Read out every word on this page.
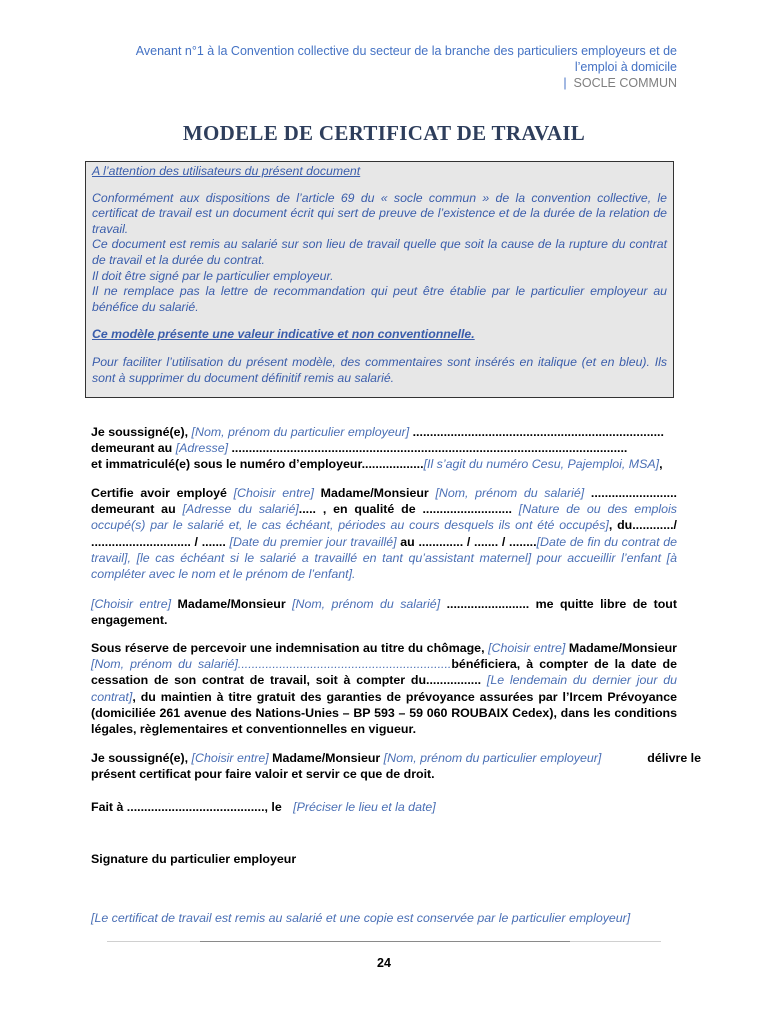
Avenant n°1 à la Convention collective du secteur de la branche des particuliers employeurs et de
l’emploi à domicile
| SOCLE COMMUN
MODELE DE CERTIFICAT DE TRAVAIL

A l’attention des utilisateurs du présent document

Conformément aux dispositions de l’article 69 du « socle commun » de la convention collective, le certificat de travail est un document écrit qui sert de preuve de l’existence et de la durée de la relation de travail.

Ce document est remis au salarié sur son lieu de travail quelle que soit la cause de la rupture du contrat de travail et la durée du contrat.

Il doit être signé par le particulier employeur.

Il ne remplace pas la lettre de recommandation qui peut être établie par le particulier employeur au bénéfice du salarié.

Ce modèle présente une valeur indicative et non conventionnelle.

Pour faciliter l’utilisation du présent modèle, des commentaires sont insérés en italique (et en bleu). Ils sont à supprimer du document définitif remis au salarié.

Je soussigné(e), [Nom, prénom du particulier employeur] .........................................................................

demeurant au [Adresse] ...................................................................................................................

et immatriculé(e) sous le numéro d’employeur..................[Il s’agit du numéro Cesu, Pajemploi, MSA],

Certifie avoir employé [Choisir entre] Madame/Monsieur [Nom, prénom du salarié] ......................... demeurant au [Adresse du salarié]..... , en qualité de .......................... [Nature de ou des emplois occupé(s) par le salarié et, le cas échéant, périodes au cours desquels ils ont été occupés], du............/ ............................. / ....... [Date du premier jour travaillé] au ............. / ....... / ........[Date de fin du contrat de travail], [le cas échéant si le salarié a travaillé en tant qu’assistant maternel] pour accueillir l’enfant [à compléter avec le nom et le prénom de l’enfant].

[Choisir entre] Madame/Monsieur [Nom, prénom du salarié] ........................ me quitte libre de tout engagement.

Sous réserve de percevoir une indemnisation au titre du chômage, [Choisir entre] Madame/Monsieur [Nom, prénom du salarié]..............................................................bénéficiera, à compter de la date de cessation de son contrat de travail, soit à compter du................ [Le lendemain du dernier jour du contrat], du maintien à titre gratuit des garanties de prévoyance assurées par l’Ircem Prévoyance (domiciliée 261 avenue des Nations-Unies – BP 593 – 59 060 ROUBAIX Cedex), dans les conditions légales, règlementaires et conventionnelles en vigueur.

Je soussigné(e), [Choisir entre] Madame/Monsieur [Nom, prénom du particulier employeur]	délivre le

présent certificat pour faire valoir et servir ce que de droit.

Fait à ........................................, le [Préciser le lieu et la date]

Signature du particulier employeur
[Le certificat de travail est remis au salarié et une copie est conservée par le particulier employeur]
24
